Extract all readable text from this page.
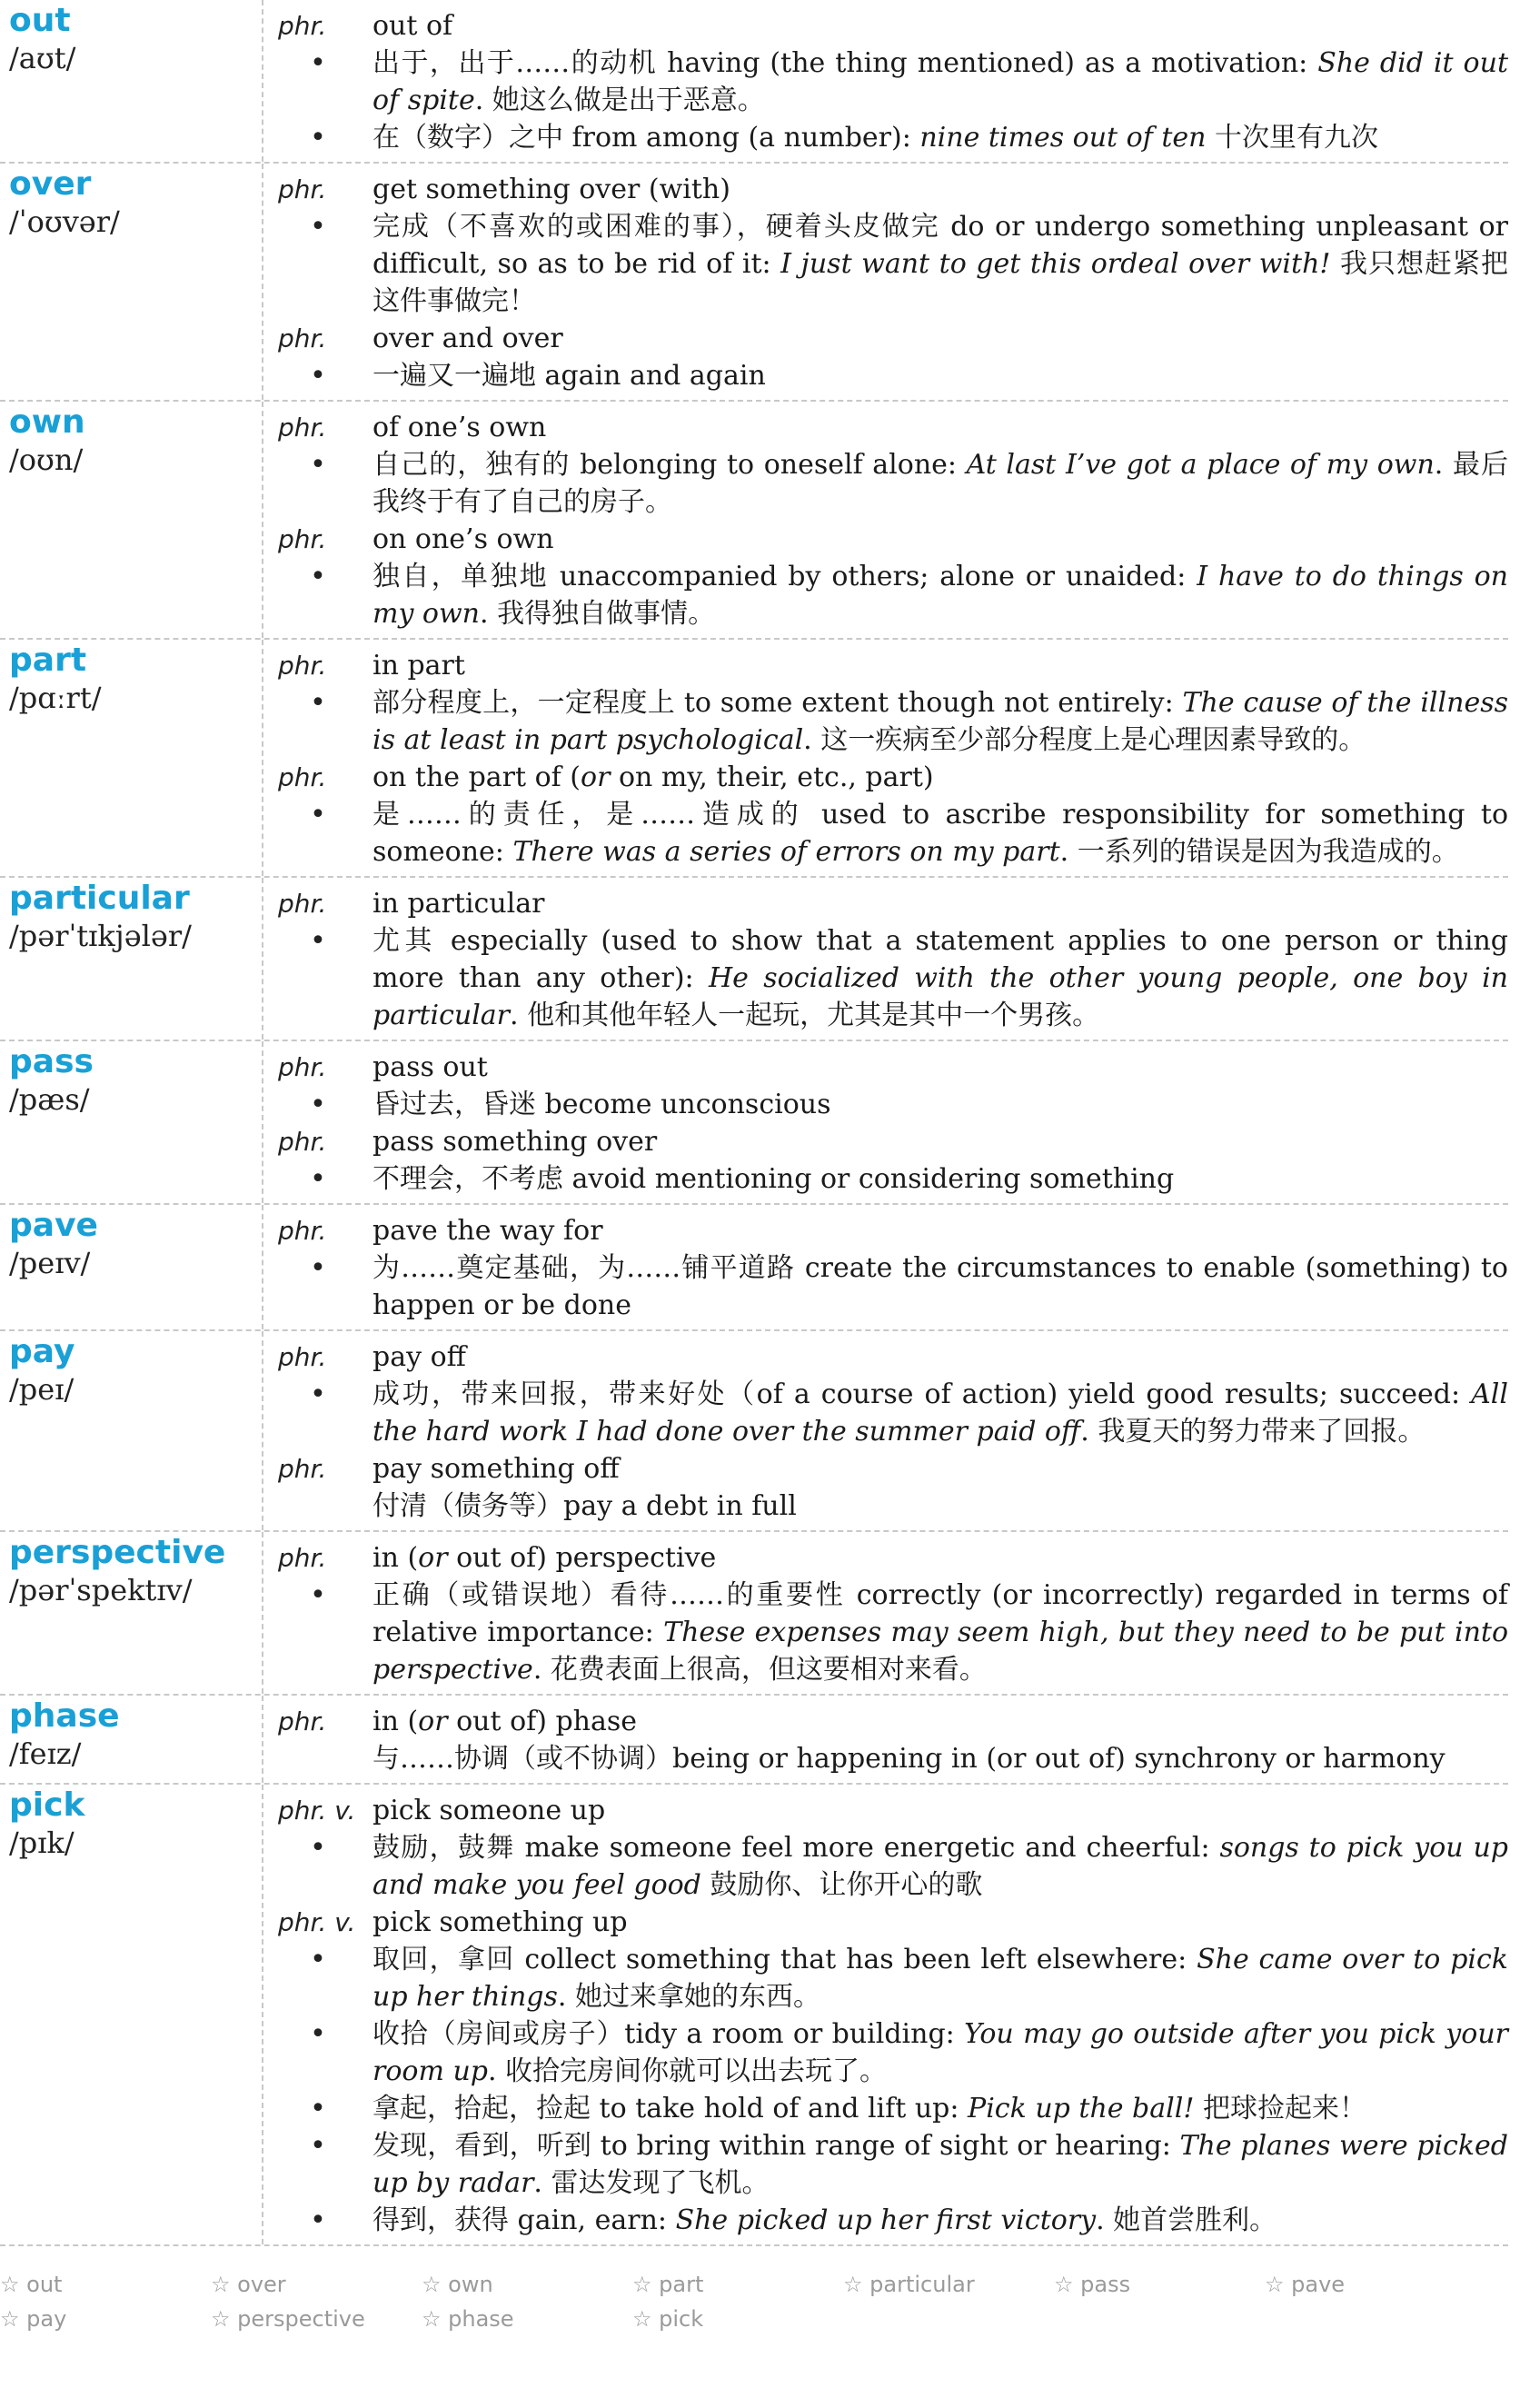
out
/aʊt/
phr.	out of
•	出于，出于……的动机 having (the thing mentioned) as a motivation: She did it out of spite. 她这么做是出于恶意。
•	在（数字）之中 from among (a number): nine times out of ten 十次里有九次
over
/ˈoʊvər/
phr.	get something over (with)
•	完成（不喜欢的或困难的事），硬着头皮做完 do or undergo something unpleasant or difficult, so as to be rid of it: I just want to get this ordeal over with! 我只想赶紧把这件事做完！
phr.	over and over
•	一遍又一遍地 again and again
own
/oʊn/
phr.	of one’s own
•	自己的，独有的 belonging to oneself alone: At last I’ve got a place of my own. 最后我终于有了自己的房子。
phr.	on one’s own
•	独自，单独地 unaccompanied by others; alone or unaided: I have to do things on my own. 我得独自做事情。
part
/pɑːrt/
phr.	in part
•	部分程度上，一定程度上 to some extent though not entirely: The cause of the illness is at least in part psychological. 这一疾病至少部分程度上是心理因素导致的。
phr.	on the part of (or on my, their, etc., part)
•	是……的责任，是……造成的 used to ascribe responsibility for something to someone: There was a series of errors on my part. 一系列的错误是因为我造成的。
particular
/pərˈtɪkjələr/
phr.	in particular
•	尤其 especially (used to show that a statement applies to one person or thing more than any other): He socialized with the other young people, one boy in particular. 他和其他年轻人一起玩，尤其是其中一个男孩。
pass
/pæs/
phr.	pass out
•	昏过去，昏迷 become unconscious
phr.	pass something over
•	不理会，不考虑 avoid mentioning or considering something
pave
/peɪv/
phr.	pave the way for
•	为……奠定基础，为……铺平道路 create the circumstances to enable (something) to happen or be done
pay
/peɪ/
phr.	pay off
•	成功，带来回报，带来好处（of a course of action) yield good results; succeed: All the hard work I had done over the summer paid off. 我夏天的努力带来了回报。
phr.	pay something off
付清（债务等）pay a debt in full
perspective
/pərˈspektɪv/
phr.	in (or out of) perspective
•	正确（或错误地）看待……的重要性 correctly (or incorrectly) regarded in terms of relative importance: These expenses may seem high, but they need to be put into perspective. 花费表面上很高，但这要相对来看。
phase
/feɪz/
phr.	in (or out of) phase
与……协调（或不协调）being or happening in (or out of) synchrony or harmony
pick
/pɪk/
phr. v. pick someone up
•	鼓励，鼓舞 make someone feel more energetic and cheerful: songs to pick you up and make you feel good 鼓励你、让你开心的歌
phr. v. pick something up
•	取回，拿回 collect something that has been left elsewhere: She came over to pick up her things. 她过来拿她的东西。
•	收拾（房间或房子）tidy a room or building: You may go outside after you pick your room up. 收拾完房间你就可以出去玩了。
•	拿起，拾起，捡起 to take hold of and lift up: Pick up the ball! 把球捡起来！
•	发现，看到，听到 to bring within range of sight or hearing: The planes were picked up by radar. 雷达发现了飞机。
•	得到，获得 gain, earn: She picked up her first victory. 她首尝胜利。
☆ out	☆ over	☆ own	☆ part	☆ particular	☆ pass	☆ pave
☆ pay	☆ perspective	☆ phase	☆ pick
